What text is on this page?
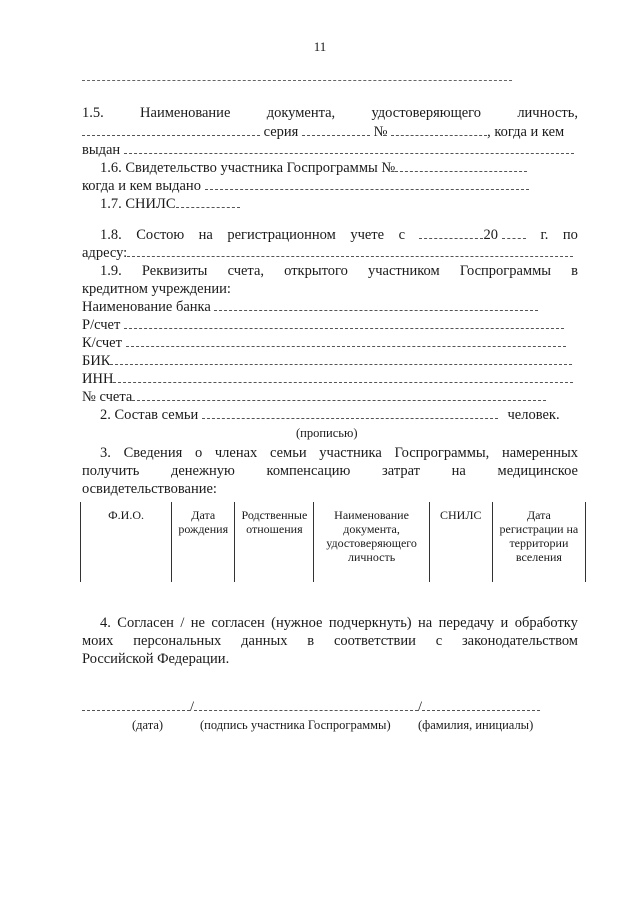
11
1.5.	Наименование	документа,	удостоверяющего	личность,
серия	№	, когда и кем
выдан
1.6. Свидетельство участника Госпрограммы №
когда и кем выдано
1.7. СНИЛС
1.8. Состою на регистрационном учете с	20	г. по
адресу:
1.9. Реквизиты счета, открытого участником Госпрограммы в
кредитном учреждении:
Наименование банка
Р/счет
К/счет
БИК
ИНН
№ счета
2. Состав семьи	человек.
(прописью)
3. Сведения о членах семьи участника Госпрограммы, намеренных
получить денежную компенсацию затрат на медицинское
освидетельствование:
Ф.И.О.	Дата рождения	Родственные отношения	Наименование документа, удостоверяющего личность	СНИЛС	Дата регистрации на территории вселения
4. Согласен / не согласен (нужное подчеркнуть) на передачу и обработку
моих персональных данных в соответствии с законодательством
Российской Федерации.
/	/
(дата)	(подпись участника Госпрограммы) (фамилия, инициалы)
